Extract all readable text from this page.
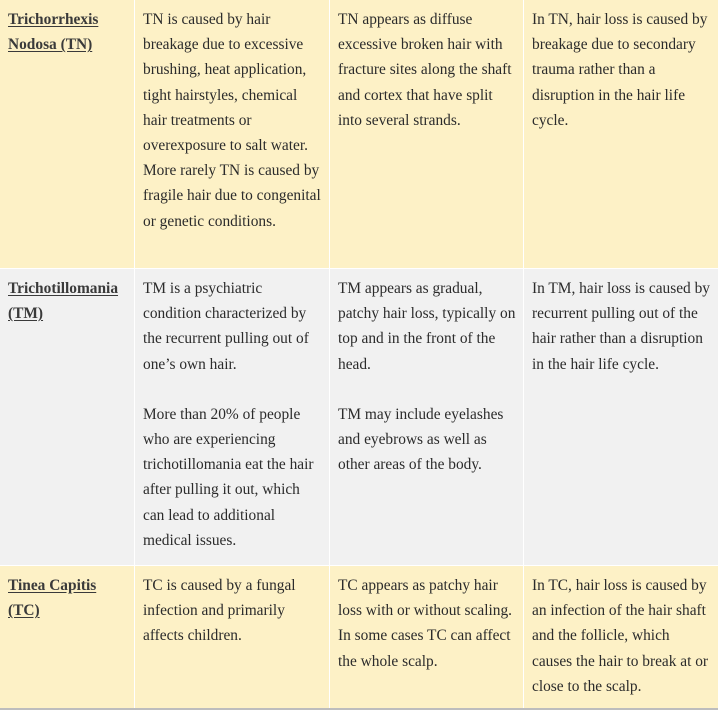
Trichorrhexis Nodosa (TN)

TN is caused by hair breakage due to excessive brushing, heat application, tight hairstyles, chemical hair treatments or overexposure to salt water. More rarely TN is caused by fragile hair due to congenital or genetic conditions.

TN appears as diffuse excessive broken hair with fracture sites along the shaft and cortex that have split into several strands.

In TN, hair loss is caused by breakage due to secondary trauma rather than a disruption in the hair life cycle.

Trichotillomania (TM)

TM is a psychiatric condition characterized by the recurrent pulling out of one’s own hair.

More than 20% of people who are experiencing trichotillomania eat the hair after pulling it out, which can lead to additional medical issues.

TM appears as gradual, patchy hair loss, typically on top and in the front of the head.

TM may include eyelashes and eyebrows as well as other areas of the body.

In TM, hair loss is caused by recurrent pulling out of the hair rather than a disruption in the hair life cycle.

Tinea Capitis (TC)

TC is caused by a fungal infection and primarily affects children.

TC appears as patchy hair loss with or without scaling. In some cases TC can affect the whole scalp.

In TC, hair loss is caused by an infection of the hair shaft and the follicle, which causes the hair to break at or close to the scalp.
